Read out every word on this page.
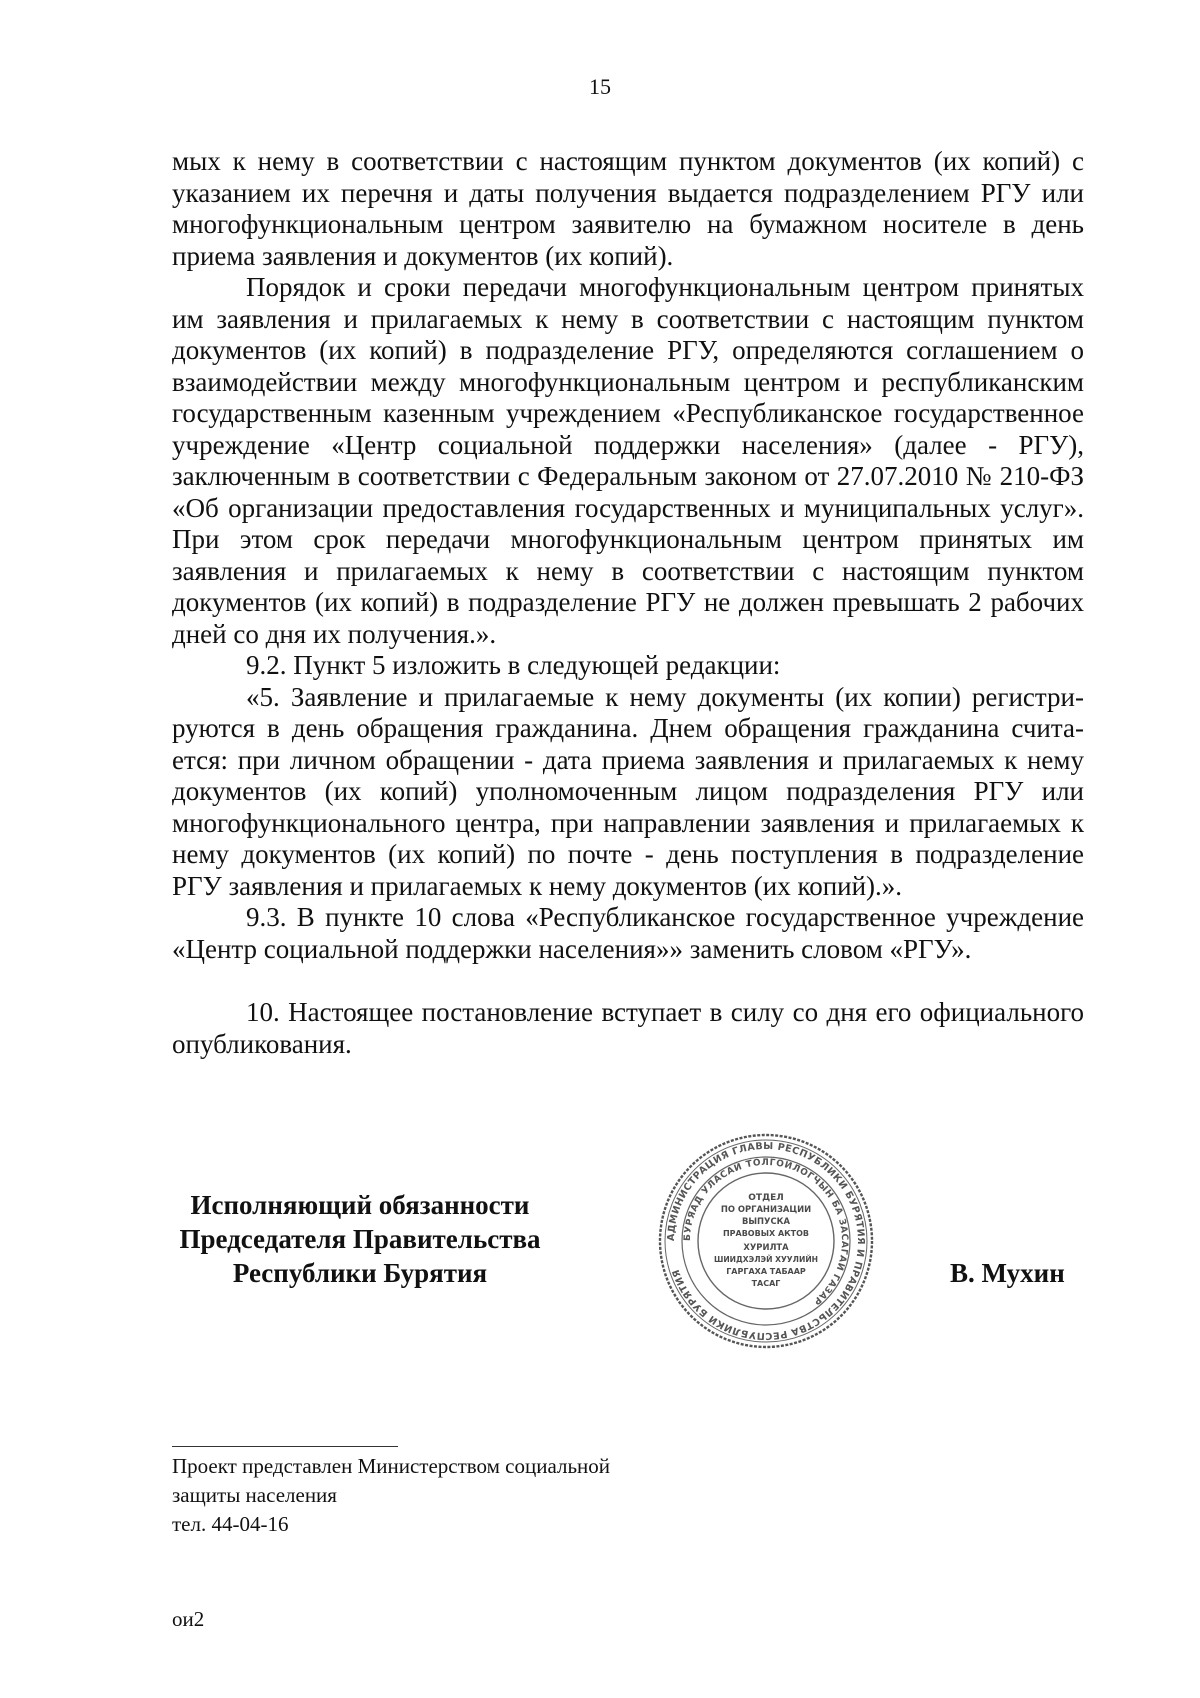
15

мых к нему в соответствии с настоящим пунктом документов (их копий) с указанием их перечня и даты получения выдается подразделением РГУ или многофункциональным центром заявителю на бумажном носителе в день приема заявления и документов (их копий).

Порядок и сроки передачи многофункциональным центром принятых им заявления и прилагаемых к нему в соответствии с настоящим пунктом документов (их копий) в подразделение РГУ, определяются соглашением о взаимодействии между многофункциональным центром и республиканским государственным казенным учреждением «Республиканское государственное учреждение «Центр социальной поддержки населения» (далее - РГУ), заключенным в соответствии с Федеральным законом от 27.07.2010 № 210-ФЗ «Об организации предоставления государственных и муниципальных услуг». При этом срок передачи многофункциональным центром принятых им заявления и прилагаемых к нему в соответствии с настоящим пунктом документов (их копий) в подразделение РГУ не должен превышать 2 рабочих дней со дня их получения.».

9.2. Пункт 5 изложить в следующей редакции:

«5. Заявление и прилагаемые к нему документы (их копии) регистрируются в день обращения гражданина. Днем обращения гражданина считается: при личном обращении - дата приема заявления и прилагаемых к нему документов (их копий) уполномоченным лицом подразделения РГУ или многофункционального центра, при направлении заявления и прилагаемых к нему документов (их копий) по почте - день поступления в подразделение РГУ заявления и прилагаемых к нему документов (их копий).».

9.3. В пункте 10 слова «Республиканское государственное учреждение «Центр социальной поддержки населения»» заменить словом «РГУ».

10. Настоящее постановление вступает в силу со дня его официального опубликования.

Исполняющий обязанности
Председателя Правительства
Республики Бурятия
АДМИНИСТРАЦИЯ ГЛАВЫ РЕСПУБЛИКИ БУРЯТИЯ И ПРАВИТЕЛЬСТВА РЕСПУБЛИКИ БУРЯТИЯ
БУРЯАД УЛАСАЙ ТОЛГОЙЛОГЧЫН БА ЗАСАГАЙ ГАЗАР
ОТДЕЛ
ПО ОРГАНИЗАЦИИ
ВЫПУСКА
ПРАВОВЫХ АКТОВ
ХУРИЛТА
ШИИДХЭЛЭЙ ХУУЛИЙН
ГАРГАХА ТАБААР
ТАСАГ	В. Мухин
Проект представлен Министерством социальной
защиты населения
тел. 44-04-16
ои2
